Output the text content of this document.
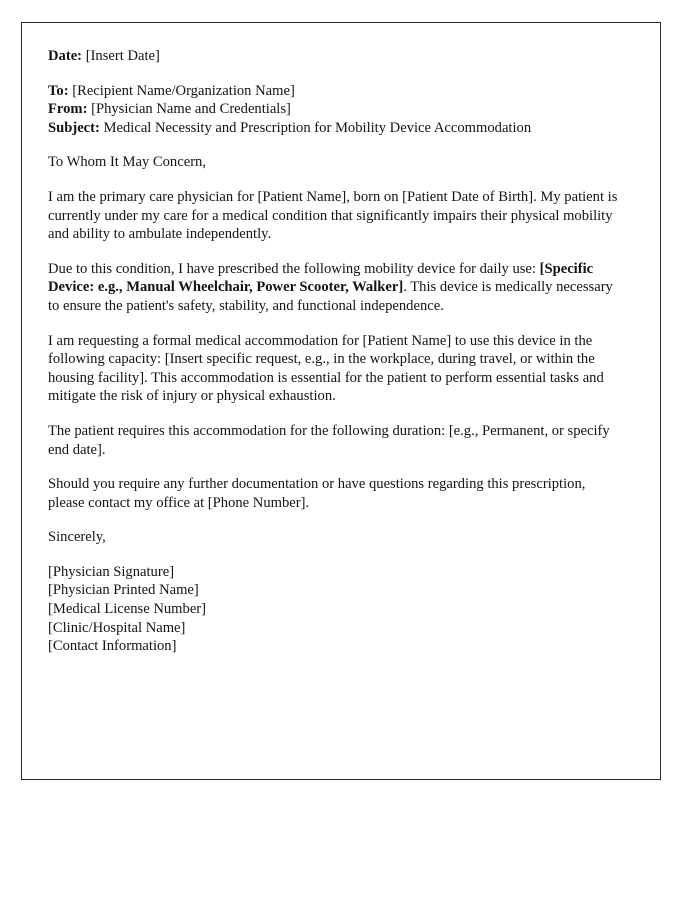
Date: [Insert Date]

To: [Recipient Name/Organization Name]
From: [Physician Name and Credentials]
Subject: Medical Necessity and Prescription for Mobility Device Accommodation

To Whom It May Concern,

I am the primary care physician for [Patient Name], born on [Patient Date of Birth]. My patient is currently under my care for a medical condition that significantly impairs their physical mobility and ability to ambulate independently.

Due to this condition, I have prescribed the following mobility device for daily use: [Specific Device: e.g., Manual Wheelchair, Power Scooter, Walker]. This device is medically necessary to ensure the patient's safety, stability, and functional independence.

I am requesting a formal medical accommodation for [Patient Name] to use this device in the following capacity: [Insert specific request, e.g., in the workplace, during travel, or within the housing facility]. This accommodation is essential for the patient to perform essential tasks and mitigate the risk of injury or physical exhaustion.

The patient requires this accommodation for the following duration: [e.g., Permanent, or specify end date].

Should you require any further documentation or have questions regarding this prescription, please contact my office at [Phone Number].

Sincerely,

[Physician Signature]
[Physician Printed Name]
[Medical License Number]
[Clinic/Hospital Name]
[Contact Information]
